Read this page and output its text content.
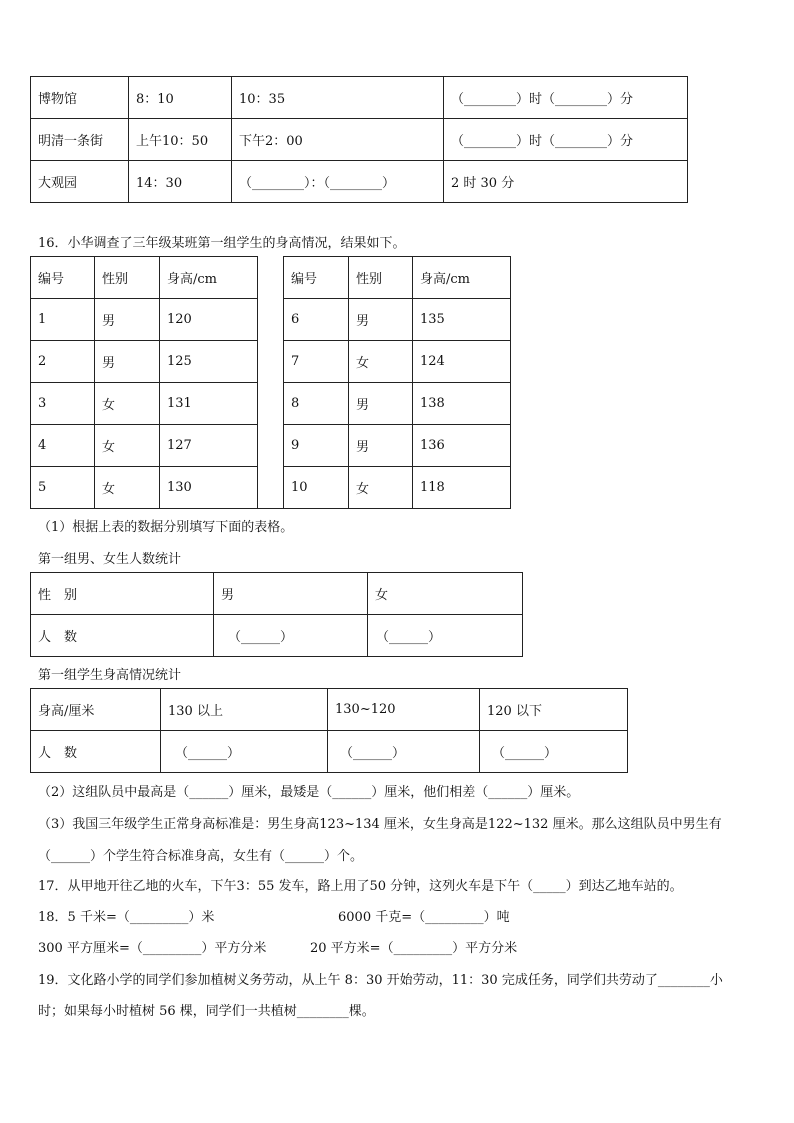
博物馆	8：10	10：35	（________）时（________）分
明清一条街	上午10：50	下午2：00	（________）时（________）分
大观园	14：30	（________）：（________）	2 时 30 分
16．小华调查了三年级某班第一组学生的身高情况，结果如下。
编号	性别	身高/cm		编号	性别	身高/cm
1	男	120		6	男	135
2	男	125		7	女	124
3	女	131		8	男	138
4	女	127		9	男	136
5	女	130		10	女	118
（1）根据上表的数据分别填写下面的表格。
第一组男、女生人数统计
性　别	男	女
人　数	（______）	（______）
第一组学生身高情况统计
身高/厘米	130 以上	130~120	120 以下
人　数	（______）	（______）	（______）
（2）这组队员中最高是（______）厘米，最矮是（______）厘米，他们相差（______）厘米。
（3）我国三年级学生正常身高标准是：男生身高123~134 厘米，女生身高是122~132 厘米。那么这组队员中男生有
（______）个学生符合标准身高，女生有（______）个。
17．从甲地开往乙地的火车，下午3：55 发车，路上用了50 分钟，这列火车是下午（_____）到达乙地车站的。
18．5 千米=（_________）米	6000 千克=（_________）吨
300 平方厘米=（_________）平方分米	20 平方米=（_________）平方分米
19．文化路小学的同学们参加植树义务劳动，从上午 8：30 开始劳动，11：30 完成任务，同学们共劳动了________小
时；如果每小时植树 56 棵，同学们一共植树________棵。
